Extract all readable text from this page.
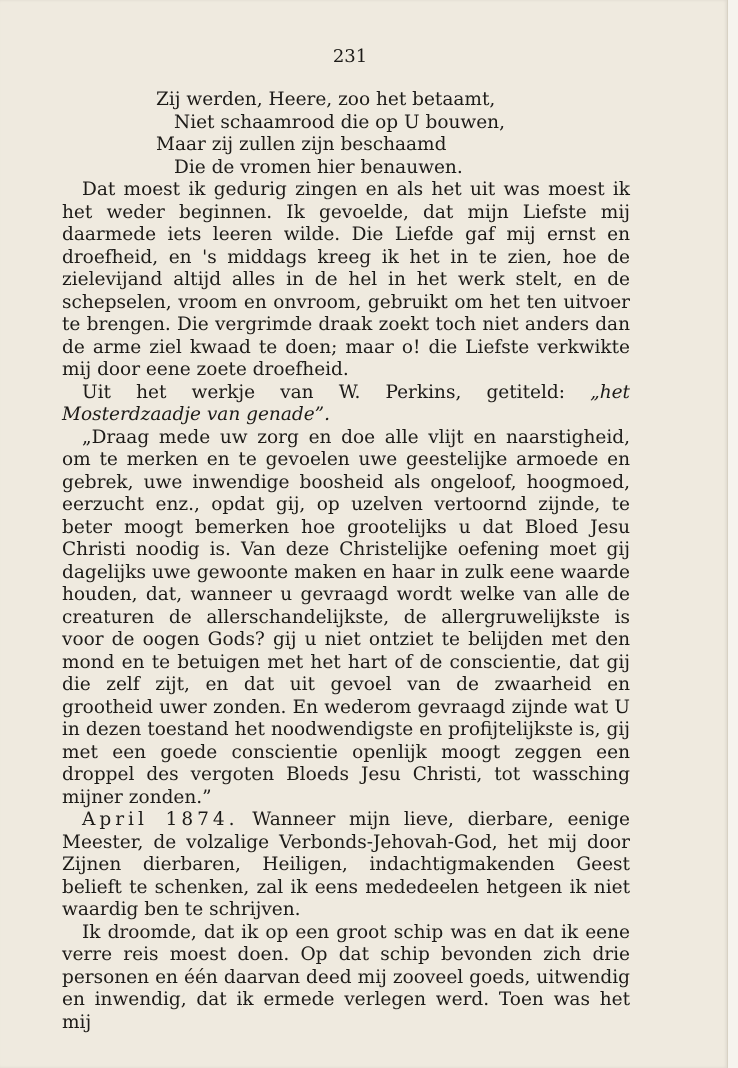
231
Zij werden, Heere, zoo het betaamt,
Niet schaamrood die op U bouwen,
Maar zij zullen zijn beschaamd
Die de vromen hier benauwen.

Dat moest ik gedurig zingen en als het uit was moest ik het weder beginnen. Ik gevoelde, dat mijn Liefste mij daarmede iets leeren wilde. Die Liefde gaf mij ernst en droefheid, en 's middags kreeg ik het in te zien, hoe de zielevijand altijd alles in de hel in het werk stelt, en de schepselen, vroom en onvroom, gebruikt om het ten uitvoer te brengen. Die vergrimde draak zoekt toch niet anders dan de arme ziel kwaad te doen; maar o! die Liefste verkwikte mij door eene zoete droefheid.

Uit het werkje van W. Perkins, getiteld: „het Mosterdzaadje van genade”.

„Draag mede uw zorg en doe alle vlijt en naarstigheid, om te merken en te gevoelen uwe geestelijke armoede en gebrek, uwe inwendige boosheid als ongeloof, hoogmoed, eerzucht enz., opdat gij, op uzelven vertoornd zijnde, te beter moogt bemerken hoe grootelijks u dat Bloed Jesu Christi noodig is. Van deze Christelijke oefening moet gij dagelijks uwe gewoonte maken en haar in zulk eene waarde houden, dat, wanneer u gevraagd wordt welke van alle de creaturen de allerschandelijkste, de allergruwelijkste is voor de oogen Gods? gij u niet ontziet te belijden met den mond en te betuigen met het hart of de conscientie, dat gij die zelf zijt, en dat uit gevoel van de zwaarheid en grootheid uwer zonden. En wederom gevraagd zijnde wat U in dezen toestand het noodwendigste en profijtelijkste is, gij met een goede conscientie openlijk moogt zeggen een droppel des vergoten Bloeds Jesu Christi, tot wassching mijner zonden.”

April 1874. Wanneer mijn lieve, dierbare, eenige Meester, de volzalige Verbonds-Jehovah-God, het mij door Zijnen dierbaren, Heiligen, indachtigmakenden Geest belieft te schenken, zal ik eens mededeelen hetgeen ik niet waardig ben te schrijven.

Ik droomde, dat ik op een groot schip was en dat ik eene verre reis moest doen. Op dat schip bevonden zich drie personen en één daarvan deed mij zooveel goeds, uitwendig en inwendig, dat ik ermede verlegen werd. Toen was het mij
